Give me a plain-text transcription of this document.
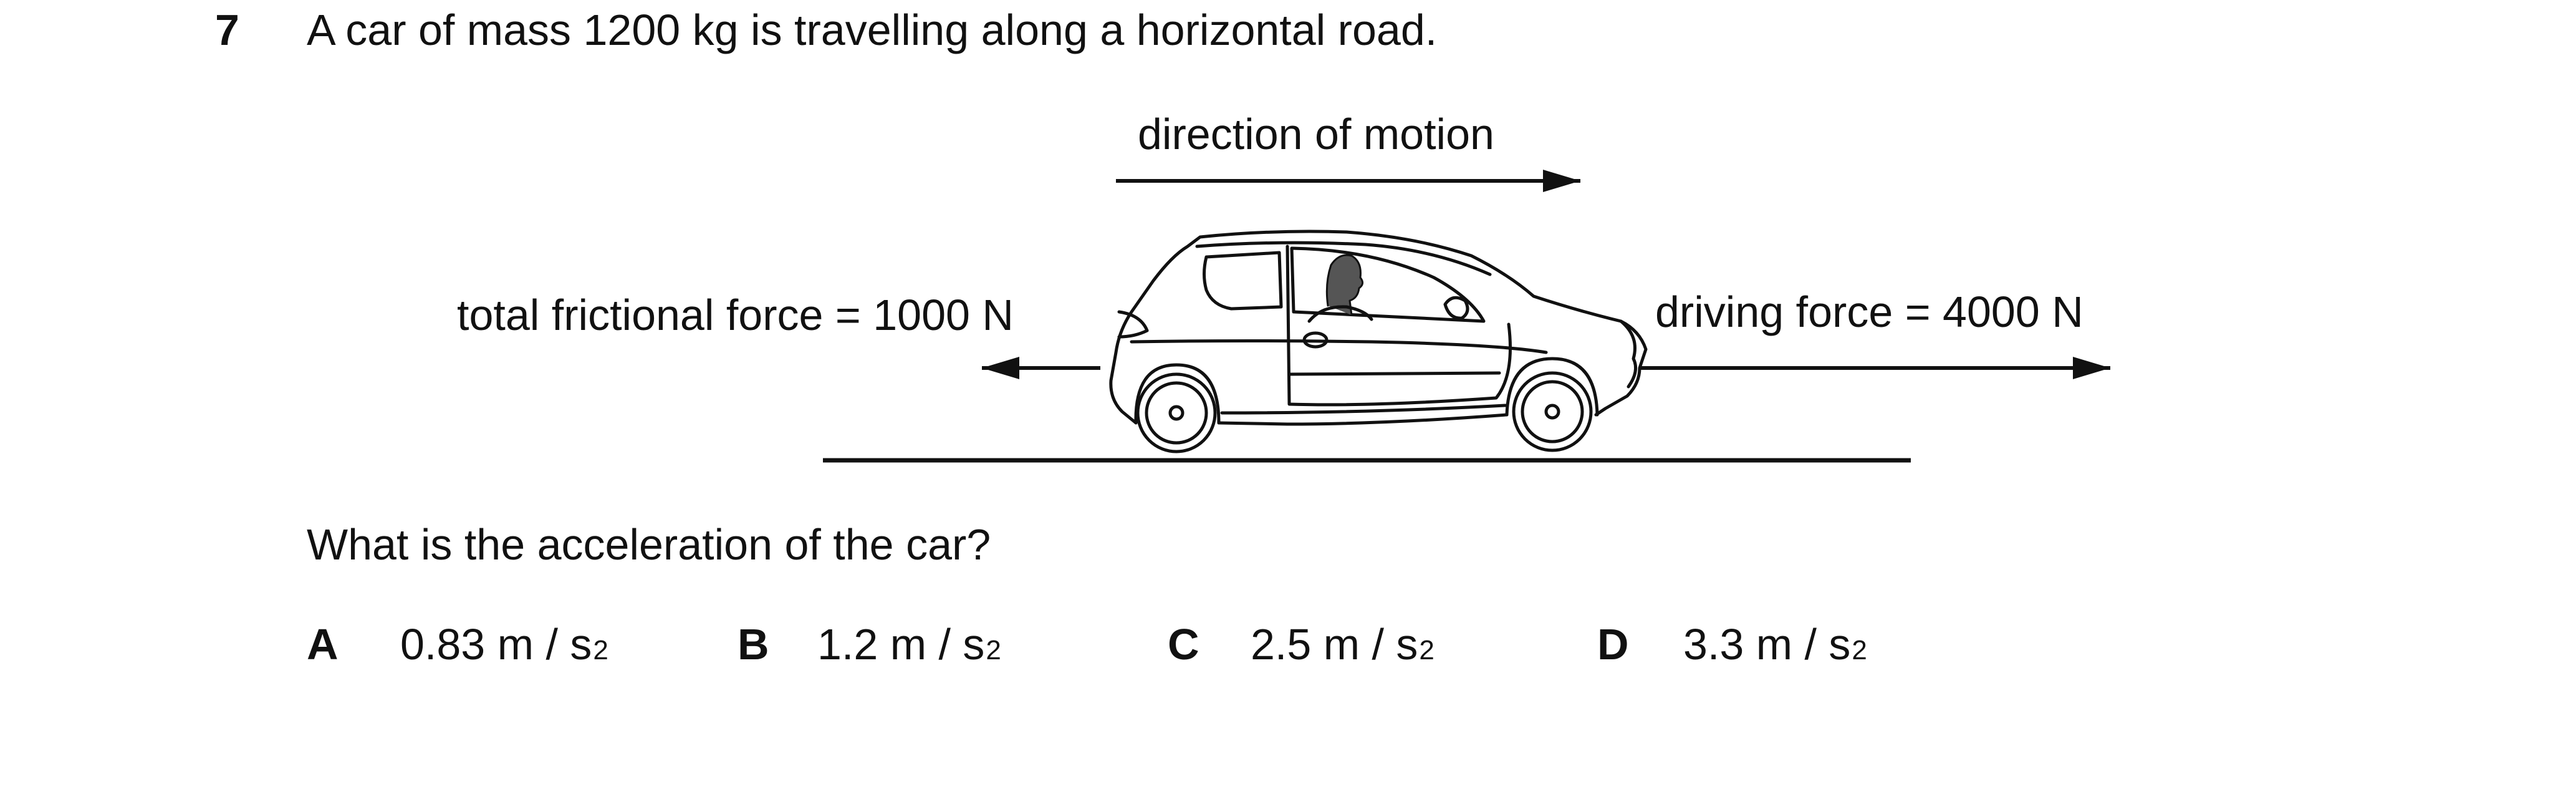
7 A car of mass 1200 kg is travelling along a horizontal road.
direction of motion
total frictional force = 1000 N	driving force = 4000 N
What is the acceleration of the car?
A	0.83 m / s 2	B	1.2 m / s 2	C	2.5 m / s 2	D	3.3 m / s 2
